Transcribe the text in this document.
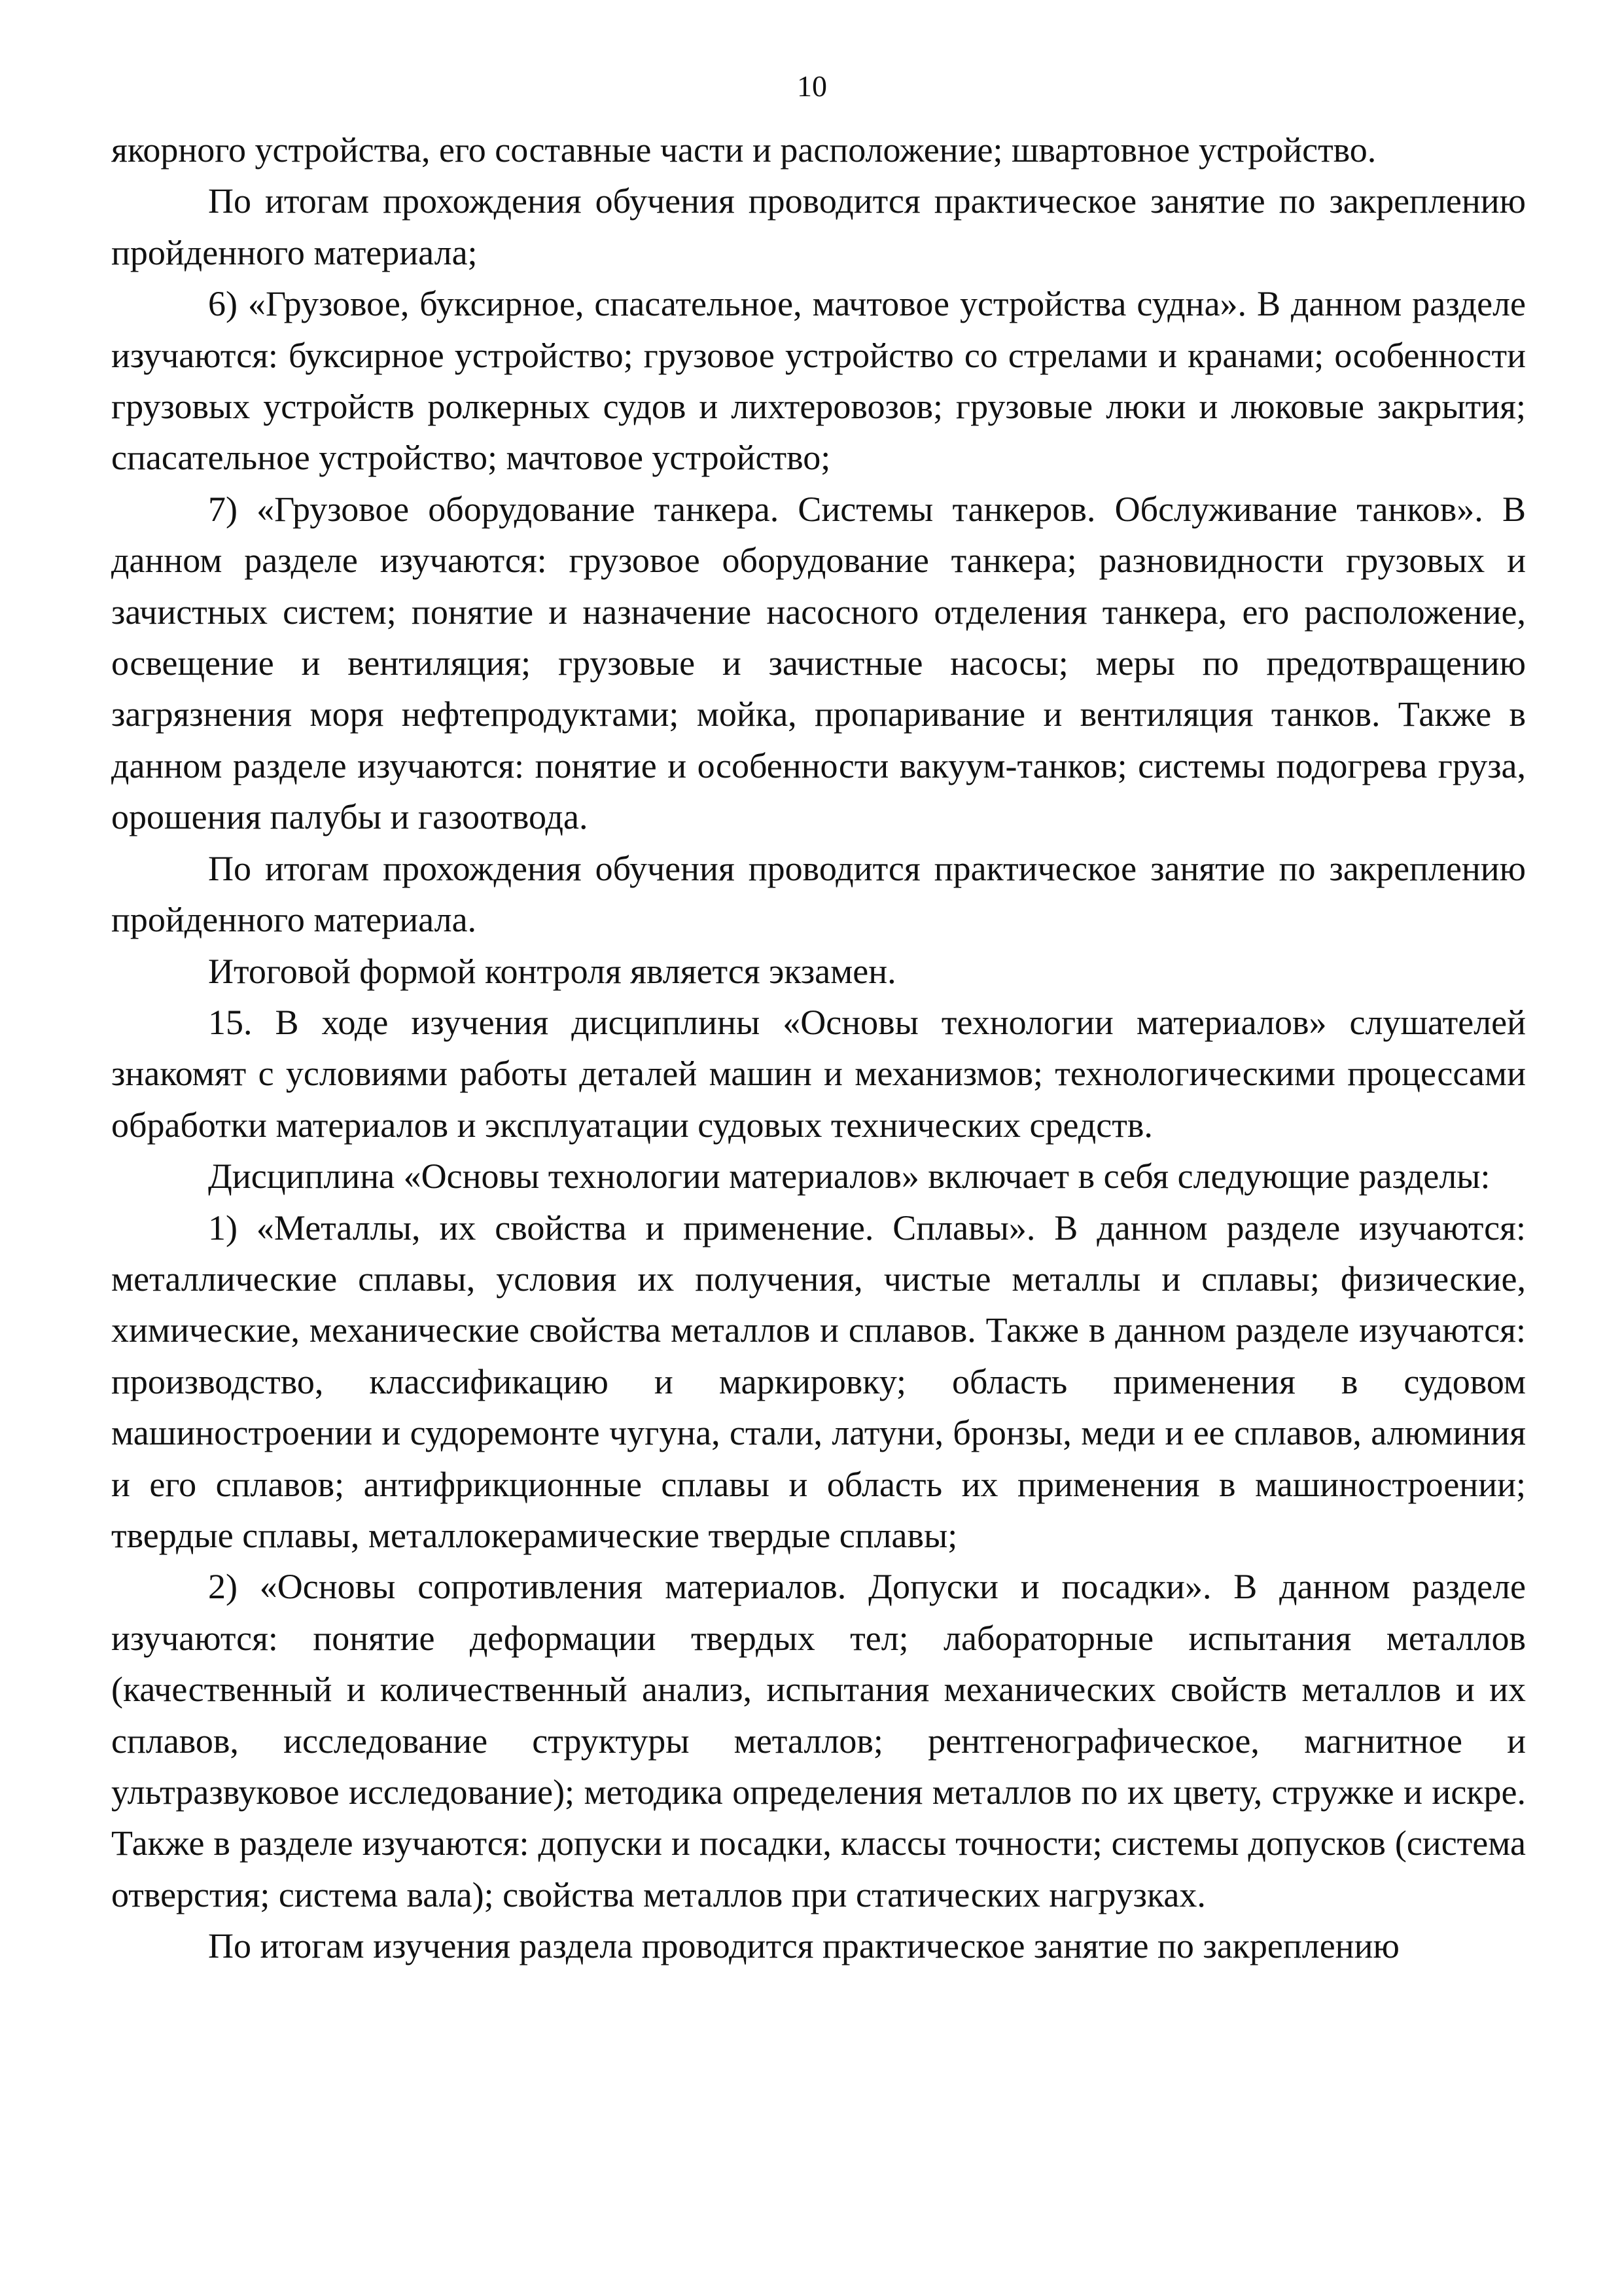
10

якорного устройства, его составные части и расположение; швартовное устройство.

По итогам прохождения обучения проводится практическое занятие по закреплению пройденного материала;

6) «Грузовое, буксирное, спасательное, мачтовое устройства судна». В данном разделе изучаются: буксирное устройство; грузовое устройство со стрелами и кранами; особенности грузовых устройств ролкерных судов и лихтеровозов; грузовые люки и люковые закрытия; спасательное устройство; мачтовое устройство;

7) «Грузовое оборудование танкера. Системы танкеров. Обслуживание танков». В данном разделе изучаются: грузовое оборудование танкера; разновидности грузовых и зачистных систем; понятие и назначение насосного отделения танкера, его расположение, освещение и вентиляция; грузовые и зачистные насосы; меры по предотвращению загрязнения моря нефтепродуктами; мойка, пропаривание и вентиляция танков. Также в данном разделе изучаются: понятие и особенности вакуум-танков; системы подогрева груза, орошения палубы и газоотвода.

По итогам прохождения обучения проводится практическое занятие по закреплению пройденного материала.

Итоговой формой контроля является экзамен.

15. В ходе изучения дисциплины «Основы технологии материалов» слушателей знакомят с условиями работы деталей машин и механизмов; технологическими процессами обработки материалов и эксплуатации судовых технических средств.

Дисциплина «Основы технологии материалов» включает в себя следующие разделы:

1) «Металлы, их свойства и применение. Сплавы». В данном разделе изучаются: металлические сплавы, условия их получения, чистые металлы и сплавы; физические, химические, механические свойства металлов и сплавов. Также в данном разделе изучаются: производство, классификацию и маркировку; область применения в судовом машиностроении и судоремонте чугуна, стали, латуни, бронзы, меди и ее сплавов, алюминия и его сплавов; антифрикционные сплавы и область их применения в машиностроении; твердые сплавы, металлокерамические твердые сплавы;

2) «Основы сопротивления материалов. Допуски и посадки». В данном разделе изучаются: понятие деформации твердых тел; лабораторные испытания металлов (качественный и количественный анализ, испытания механических свойств металлов и их сплавов, исследование структуры металлов; рентгенографическое, магнитное и ультразвуковое исследование); методика определения металлов по их цвету, стружке и искре. Также в разделе изучаются: допуски и посадки, классы точности; системы допусков (система отверстия; система вала); свойства металлов при статических нагрузках.

По итогам изучения раздела проводится практическое занятие по закреплению
